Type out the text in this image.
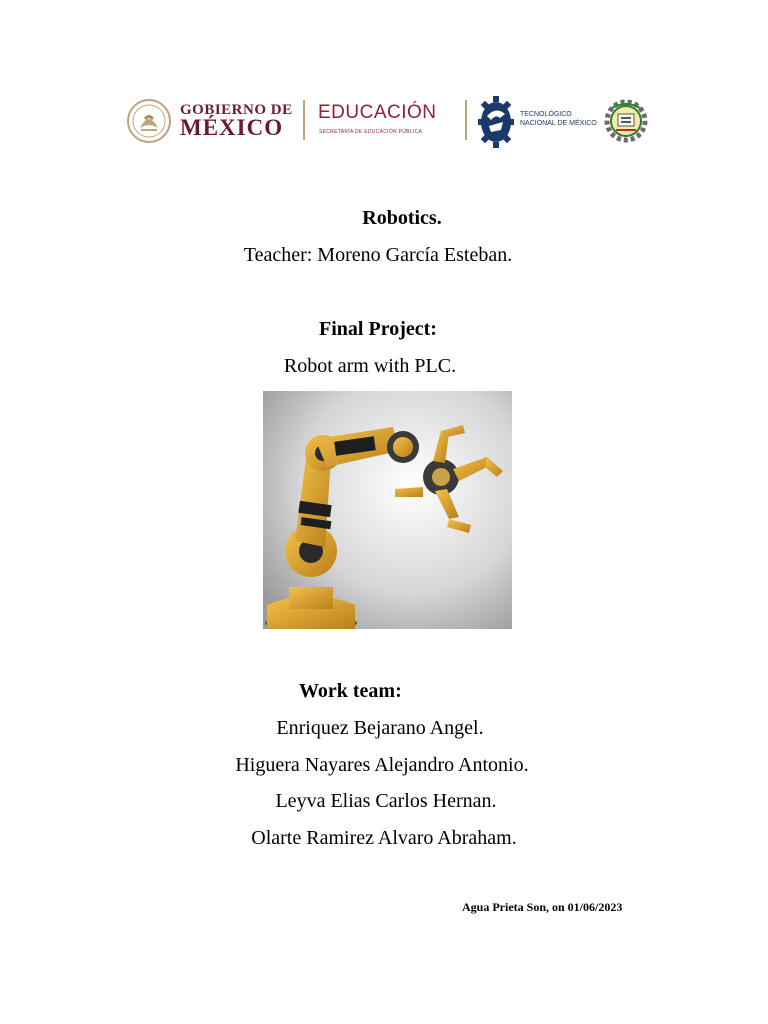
GOBIERNO DE
MÉXICO
EDUCACIÓN
SECRETARÍA DE EDUCACIÓN PÚBLICA
TECNOLÓGICO
NACIONAL DE MÉXICO
Robotics.
Teacher: Moreno García Esteban.
Final Project:
Robot arm with PLC.
Work team:
Enriquez Bejarano Angel.
Higuera Nayares Alejandro Antonio.
Leyva Elias Carlos Hernan.
Olarte Ramirez Alvaro Abraham.
Agua Prieta Son, on 01/06/2023
